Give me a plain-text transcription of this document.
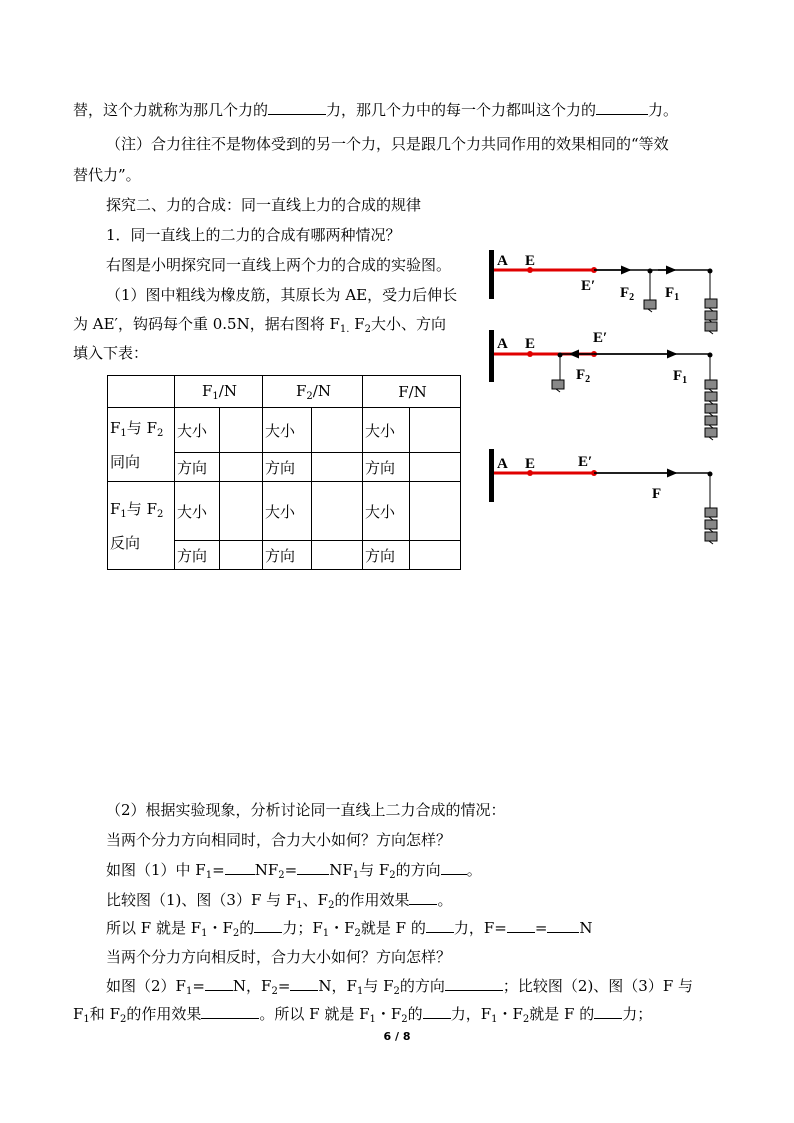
替，这个力就称为那几个力的	力，那几个力中的每一个力都叫这个力的	力。
（注）合力往往不是物体受到的另一个力，只是跟几个力共同作用的效果相同的“等效
替代力”。
探究二、力的合成：同一直线上力的合成的规律
1．同一直线上的二力的合成有哪两种情况？
右图是小明探究同一直线上两个力的合成的实验图。
（1）图中粗线为橡皮筋，其原长为 AE，受力后伸长
为 AE′，钩码每个重 0.5N，据右图将 $F_{1.}$ $F_2$大小、方向
填入下表：
	$F_1/N$		$F_2/N$		F/N	
$F_1$与 $F_2$
同向	大小		大小		大小	
	方向		方向		方向	
$F_1$与 $F_2$
反向	大小		大小		大小	
	方向		方向		方向	
A E
E′ $F_2$ $F_1$
A E	E′
$F_2$	$F_1$
A E	E′
F
（2）根据实验现象，分析讨论同一直线上二力合成的情况：
当两个分力方向相同时，合力大小如何？方向怎样？
如图（1）中 $F_1= NF_2= NF_1$与 $F_2$的方向 。
比较图（1)、图（3）F 与 $F_1$、$F_2$的作用效果 。
所以 F 就是 $F_1$・$F_2$的 力；$F_1$・$F_2$就是 F 的 力，F= = N
当两个分力方向相反时，合力大小如何？方向怎样？
如图$(2)F_1= N$，$F_2= N$，$F_1$与 $F_2$的方向	；比较图（2)、图（3）F 与
$F_1$和 $F_2$的作用效果	。所以 F 就是 $F_1$・$F_2$的 力，$F_1$・$F_2$就是 F 的 力；
6 / 8
